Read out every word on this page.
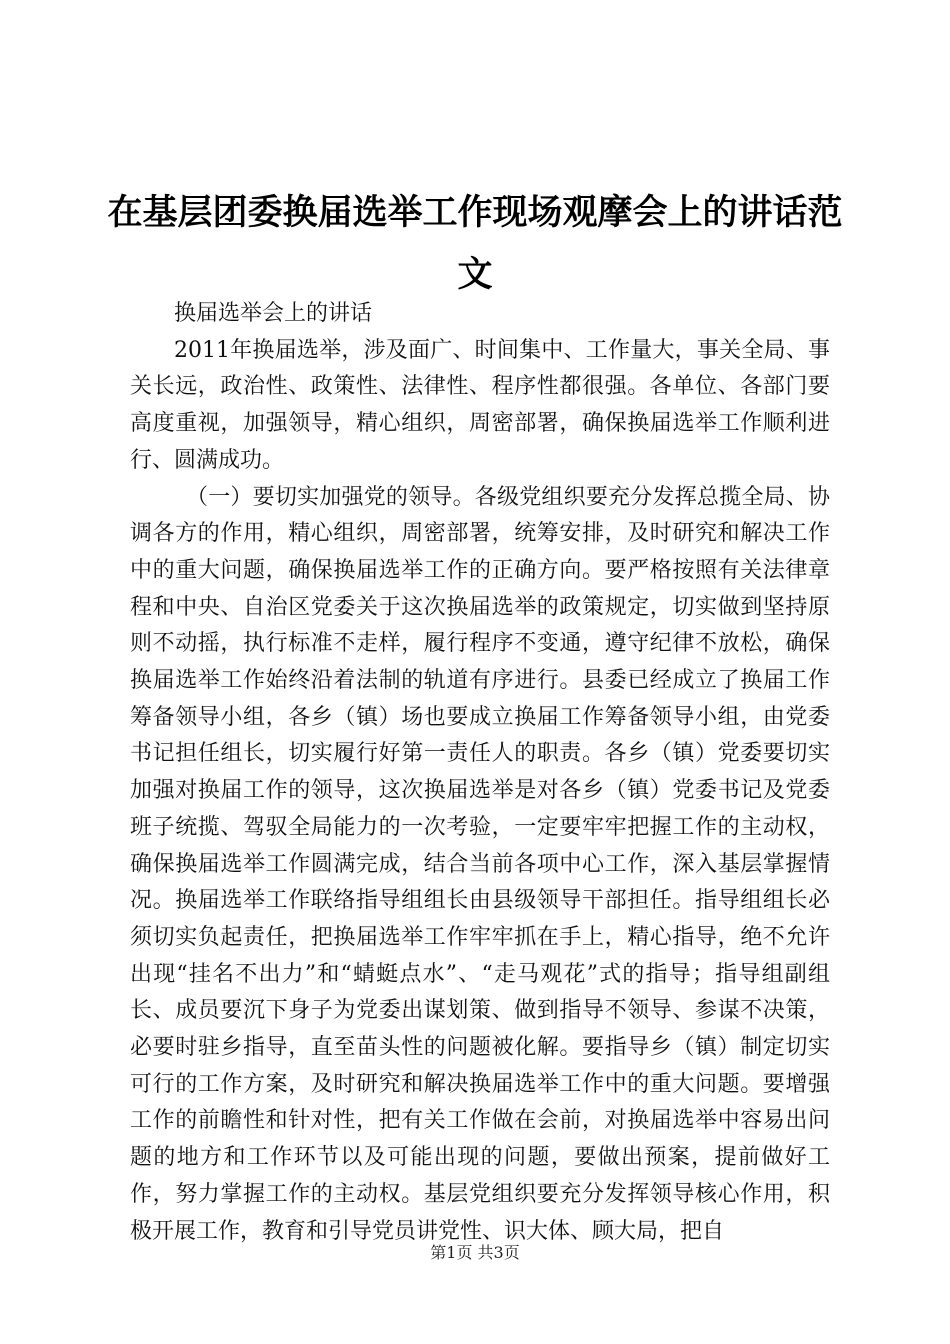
在基层团委换届选举工作现场观摩会上的讲话范文

换届选举会上的讲话

2011年换届选举，涉及面广、时间集中、工作量大，事关全局、事关长远，政治性、政策性、法律性、程序性都很强。各单位、各部门要高度重视，加强领导，精心组织，周密部署，确保换届选举工作顺利进行、圆满成功。

（一）要切实加强党的领导。各级党组织要充分发挥总揽全局、协调各方的作用，精心组织，周密部署，统筹安排，及时研究和解决工作中的重大问题，确保换届选举工作的正确方向。要严格按照有关法律章程和中央、自治区党委关于这次换届选举的政策规定，切实做到坚持原则不动摇，执行标准不走样，履行程序不变通，遵守纪律不放松，确保换届选举工作始终沿着法制的轨道有序进行。县委已经成立了换届工作筹备领导小组，各乡（镇）场也要成立换届工作筹备领导小组，由党委书记担任组长，切实履行好第一责任人的职责。各乡（镇）党委要切实加强对换届工作的领导，这次换届选举是对各乡（镇）党委书记及党委班子统揽、驾驭全局能力的一次考验，一定要牢牢把握工作的主动权，确保换届选举工作圆满完成，结合当前各项中心工作，深入基层掌握情况。换届选举工作联络指导组组长由县级领导干部担任。指导组组长必须切实负起责任，把换届选举工作牢牢抓在手上，精心指导，绝不允许出现“挂名不出力”和“蜻蜓点水”、“走马观花”式的指导；指导组副组长、成员要沉下身子为党委出谋划策、做到指导不领导、参谋不决策，必要时驻乡指导，直至苗头性的问题被化解。要指导乡（镇）制定切实可行的工作方案，及时研究和解决换届选举工作中的重大问题。要增强工作的前瞻性和针对性，把有关工作做在会前，对换届选举中容易出问题的地方和工作环节以及可能出现的问题，要做出预案，提前做好工作，努力掌握工作的主动权。基层党组织要充分发挥领导核心作用，积极开展工作，教育和引导党员讲党性、识大体、顾大局，把自

第1页 共3页
